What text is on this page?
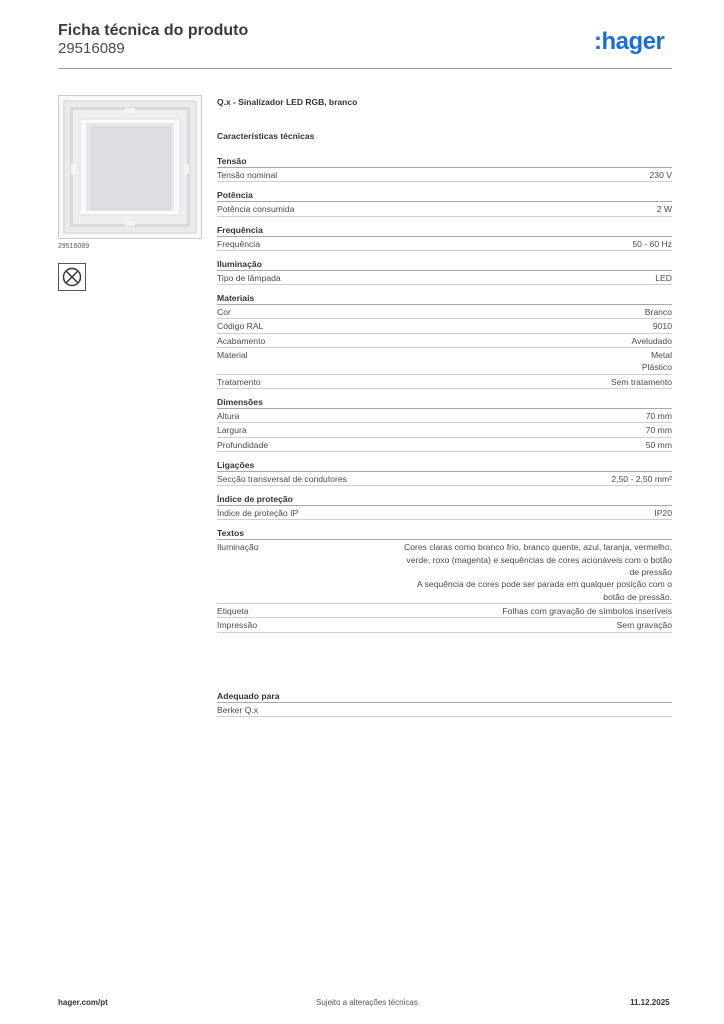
Ficha técnica do produto
29516089	:hager
29516089
Q.x - Sinalizador LED RGB, branco
Características técnicas
Tensão
Tensão nominal	230 V
Potência
Potência consumida	2 W
Frequência
Frequência	50 - 60 Hz
Iluminação
Tipo de lâmpada	LED
Materiais
Cor	Branco
Código RAL	9010
Acabamento	Aveludado
Material	Metal
Plástico
Tratamento	Sem tratamento
Dimensões
Altura	70 mm
Largura	70 mm
Profundidade	50 mm
Ligações
Secção transversal de condutores	2,50 - 2,50 mm²
Índice de proteção
Índice de proteção IP	IP20
Textos
Iluminação	Cores claras como branco frio, branco quente, azul, laranja, vermelho,
verde, roxo (magenta) e sequências de cores acionáveis com o botão
de pressão
A sequência de cores pode ser parada em qualquer posição com o
botão de pressão.
Etiqueta	Folhas com gravação de símbolos inseríveis
Impressão	Sem gravação
Adequado para
Berker Q.x
hager.com/pt	Sujeito a alterações técnicas	11.12.2025
